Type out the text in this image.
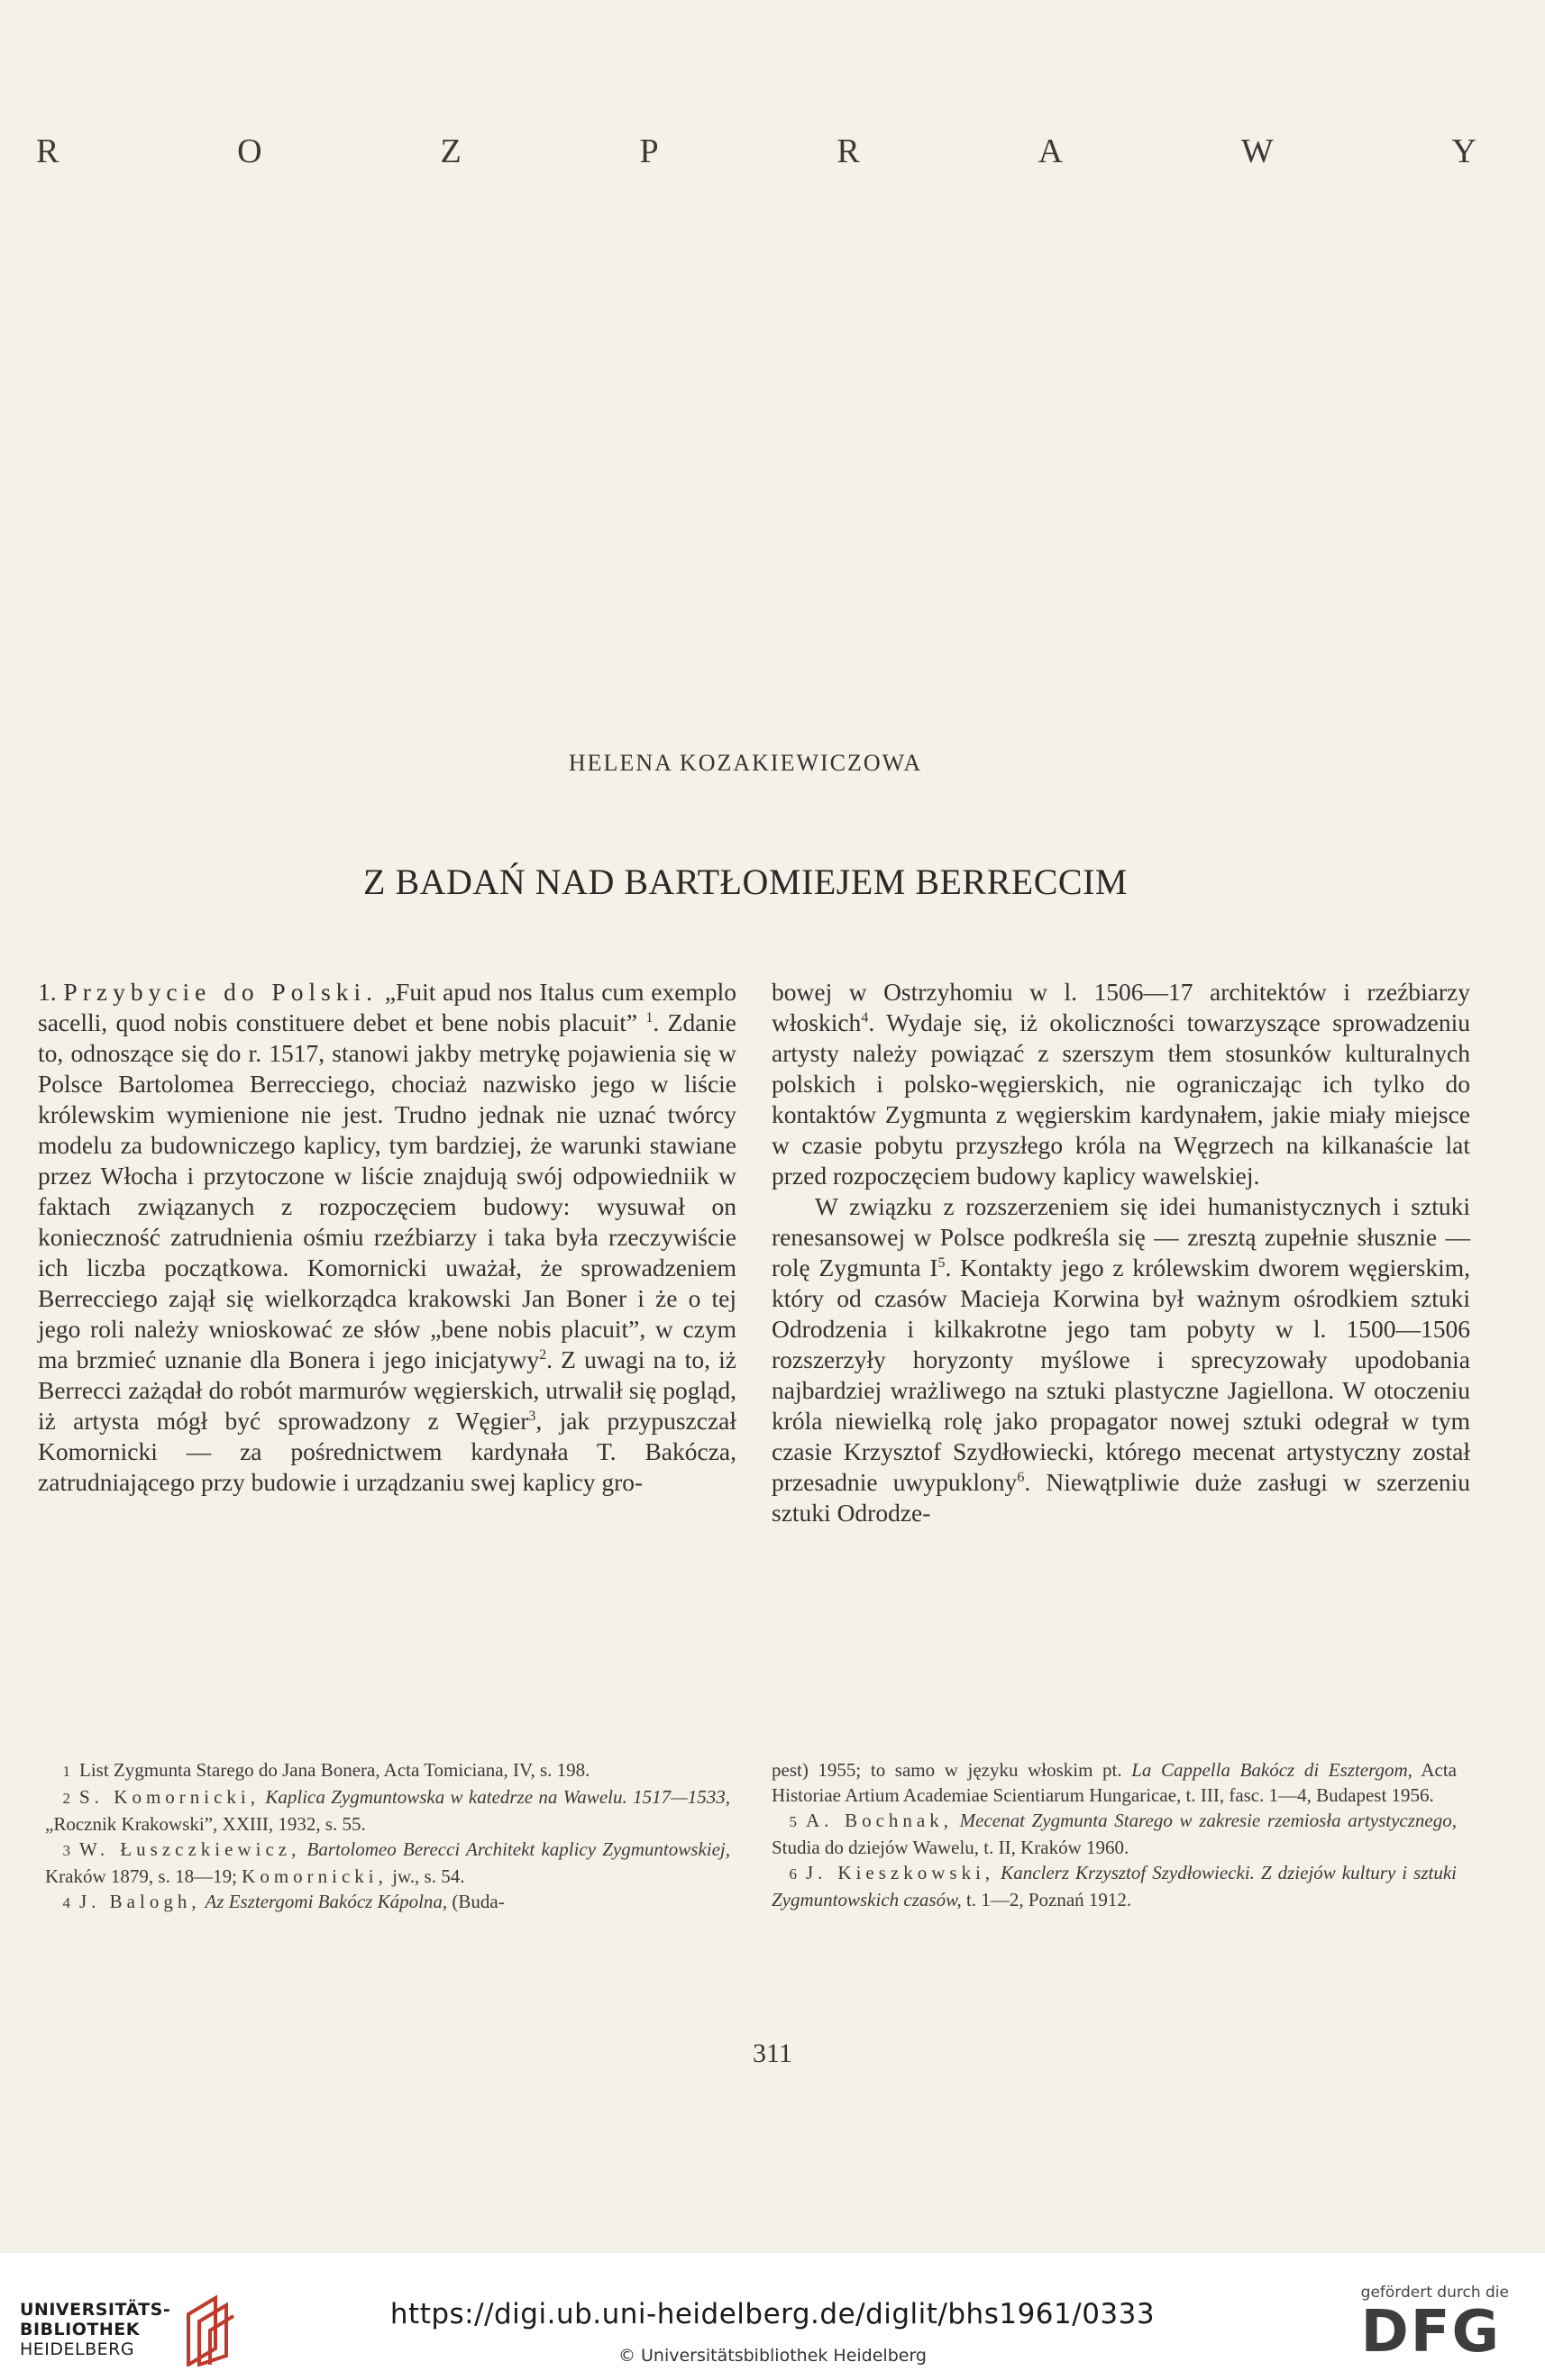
R	O	Z	P	R	A	W	Y
HELENA KOZAKIEWICZOWA
Z BADAŃ NAD BARTŁOMIEJEM BERRECCIM

1. Przybycie do Polski. „Fuit apud nos Italus cum exemplo sacelli, quod nobis constituere debet et bene nobis placuit” $^1$. Zdanie to, odnoszące się do r. 1517, stanowi jakby metrykę pojawienia się w Polsce Bartolomea Berrecciego, chociaż nazwisko jego w liście królewskim wymienione nie jest. Trudno jednak nie uznać twórcy modelu za budowniczego kaplicy, tym bardziej, że warunki stawiane przez Włocha i przytoczone w liście znajdują swój odpowiedniik w faktach związanych z rozpoczęciem budowy: wysuwał on konieczność zatrudnienia ośmiu rzeźbiarzy i taka była rzeczywiście ich liczba początkowa. Komornicki uważał, że sprowadzeniem Berrecciego zajął się wielkorządca krakowski Jan Boner i że o tej jego roli należy wnioskować ze słów „bene nobis placuit”, w czym ma brzmieć uznanie dla Bonera i jego inicjatywy$^2$. Z uwagi na to, iż Berrecci zażądał do robót marmurów węgierskich, utrwalił się pogląd, iż artysta mógł być sprowadzony z Węgier$^3$, jak przypuszczał Komornicki — za pośrednictwem kardynała T. Bakócza, zatrudniającego przy budowie i urządzaniu swej kaplicy gro-

bowej w Ostrzyhomiu w l. 1506—17 architektów i rzeźbiarzy włoskich$^4$. Wydaje się, iż okoliczności towarzyszące sprowadzeniu artysty należy powiązać z szerszym tłem stosunków kulturalnych polskich i polsko-węgierskich, nie ograniczając ich tylko do kontaktów Zygmunta z węgierskim kardynałem, jakie miały miejsce w czasie pobytu przyszłego króla na Węgrzech na kilkanaście lat przed rozpoczęciem budowy kaplicy wawelskiej.

W związku z rozszerzeniem się idei humanistycznych i sztuki renesansowej w Polsce podkreśla się — zresztą zupełnie słusznie — rolę Zygmunta $I^5$. Kontakty jego z królewskim dworem węgierskim, który od czasów Macieja Korwina był ważnym ośrodkiem sztuki Odrodzenia i kilkakrotne jego tam pobyty w l. 1500—1506 rozszerzyły horyzonty myślowe i sprecyzowały upodobania najbardziej wrażliwego na sztuki plastyczne Jagiellona. W otoczeniu króla niewielką rolę jako propagator nowej sztuki odegrał w tym czasie Krzysztof Szydłowiecki, którego mecenat artystyczny został przesadnie uwypuklony$^6$. Niewątpliwie duże zasługi w szerzeniu sztuki Odrodze-

1 List Zygmunta Starego do Jana Bonera, Acta Tomiciana, IV, s. 198.

2 S. Komornicki, Kaplica Zygmuntowska w katedrze na Wawelu. 1517—1533, „Rocznik Krakowski”, XXIII, 1932, s. 55.

3 W. Łuszczkiewicz, Bartolomeo Berecci Architekt kaplicy Zygmuntowskiej, Kraków 1879, s. 18—19; Komornicki, jw., s. 54.

4 J. Balogh, Az Esztergomi Bakócz Kápolna, (Buda-

pest) 1955; to samo w języku włoskim pt. La Cappella Bakócz di Esztergom, Acta Historiae Artium Academiae Scientiarum Hungaricae, t. III, fasc. 1—4, Budapest 1956.

5 A. Bochnak, Mecenat Zygmunta Starego w zakresie rzemiosła artystycznego, Studia do dziejów Wawelu, t. II, Kraków 1960.

6 J. Kieszkowski, Kanclerz Krzysztof Szydłowiecki. Z dziejów kultury i sztuki Zygmuntowskich czasów, t. 1—2, Poznań 1912.

311
UNIVERSITÄTS-
BIBLIOTHEK
HEIDELBERG
https://digi.ub.uni-heidelberg.de/diglit/bhs1961/0333
© Universitätsbibliothek Heidelberg
gefördert durch die
DFG
